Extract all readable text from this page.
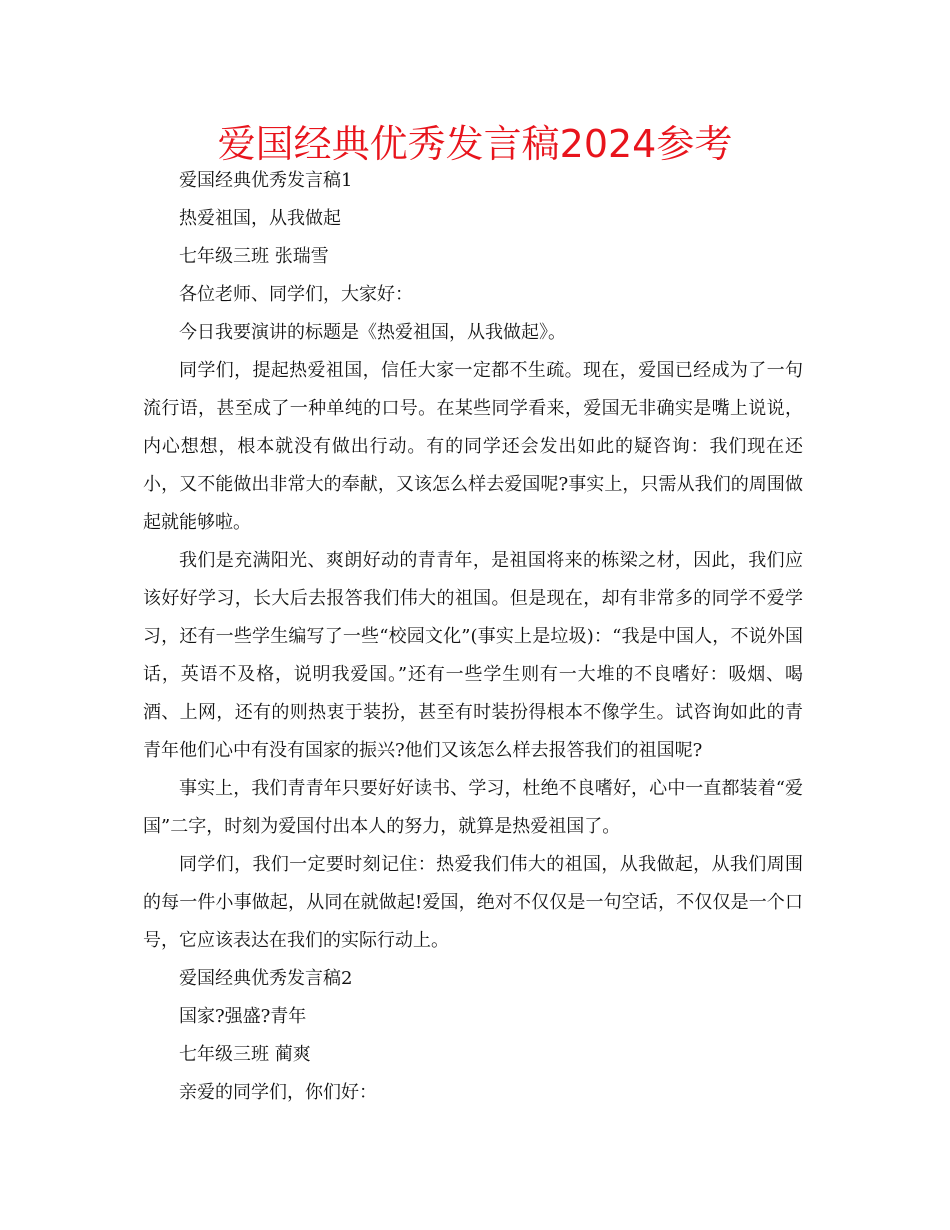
爱国经典优秀发言稿2024参考

爱国经典优秀发言稿1

热爱祖国，从我做起

七年级三班 张瑞雪

各位老师、同学们，大家好：

今日我要演讲的标题是《热爱祖国，从我做起》。

同学们，提起热爱祖国，信任大家一定都不生疏。现在，爱国已经成为了一句流行语，甚至成了一种单纯的口号。在某些同学看来，爱国无非确实是嘴上说说，内心想想，根本就没有做出行动。有的同学还会发出如此的疑咨询：我们现在还小，又不能做出非常大的奉献，又该怎么样去爱国呢?事实上，只需从我们的周围做起就能够啦。

我们是充满阳光、爽朗好动的青青年，是祖国将来的栋梁之材，因此，我们应该好好学习，长大后去报答我们伟大的祖国。但是现在，却有非常多的同学不爱学习，还有一些学生编写了一些“校园文化”(事实上是垃圾)：“我是中国人，不说外国话，英语不及格，说明我爱国。”还有一些学生则有一大堆的不良嗜好：吸烟、喝酒、上网，还有的则热衷于装扮，甚至有时装扮得根本不像学生。试咨询如此的青青年他们心中有没有国家的振兴?他们又该怎么样去报答我们的祖国呢?

事实上，我们青青年只要好好读书、学习，杜绝不良嗜好，心中一直都装着“爱国”二字，时刻为爱国付出本人的努力，就算是热爱祖国了。

同学们，我们一定要时刻记住：热爱我们伟大的祖国，从我做起，从我们周围的每一件小事做起，从同在就做起!爱国，绝对不仅仅是一句空话，不仅仅是一个口号，它应该表达在我们的实际行动上。

爱国经典优秀发言稿2

国家?强盛?青年

七年级三班 蔺爽

亲爱的同学们，你们好：
